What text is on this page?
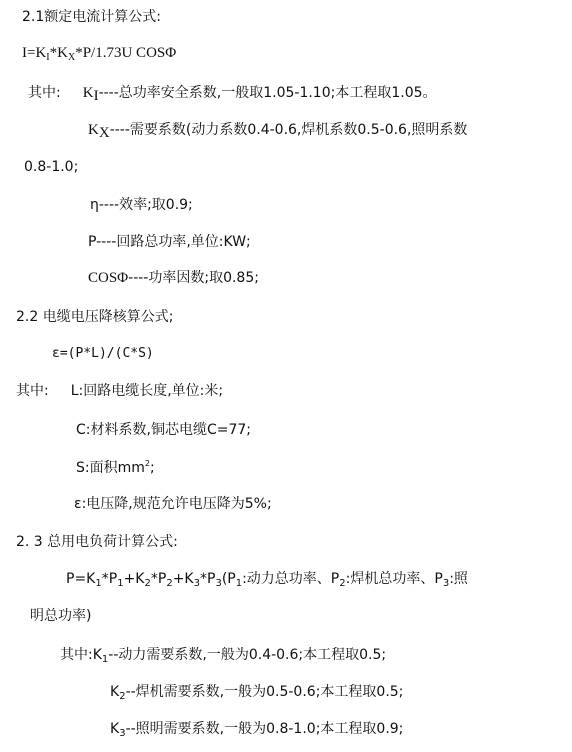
2.1额定电流计算公式:
$I=K_I*K_X*P/1.73U$ COSΦ
其中: $K_I----$总功率安全系数,一般取1.05-1.10;本工程取1.05。
$K_X----$需要系数(动力系数0.4-0.6,焊机系数0.5-0.6,照明系数
0.8-1.0;
η----效率;取0.9;
P----回路总功率,单位:KW;
COSΦ----功率因数;取0.85;
2.2 电缆电压降核算公式;
ε=(P*L)/(C*S)
其中: L:回路电缆长度,单位:米;
C:材料系数,铜芯电缆C=77;
S:面积$mm^2$;
ε:电压降,规范允许电压降为5%;
2. 3 总用电负荷计算公式:
$P=K_1*P_1+K_2*P_2+K_3*P_3(P_1$:动力总功率、$P_2$:焊机总功率、$P_3$:照
明总功率)
其中$:K_1--$动力需要系数,一般为0.4-0.6;本工程取0.5;
$K_2--$焊机需要系数,一般为0.5-0.6;本工程取0.5;
$K_3--$照明需要系数,一般为0.8-1.0;本工程取0.9;
